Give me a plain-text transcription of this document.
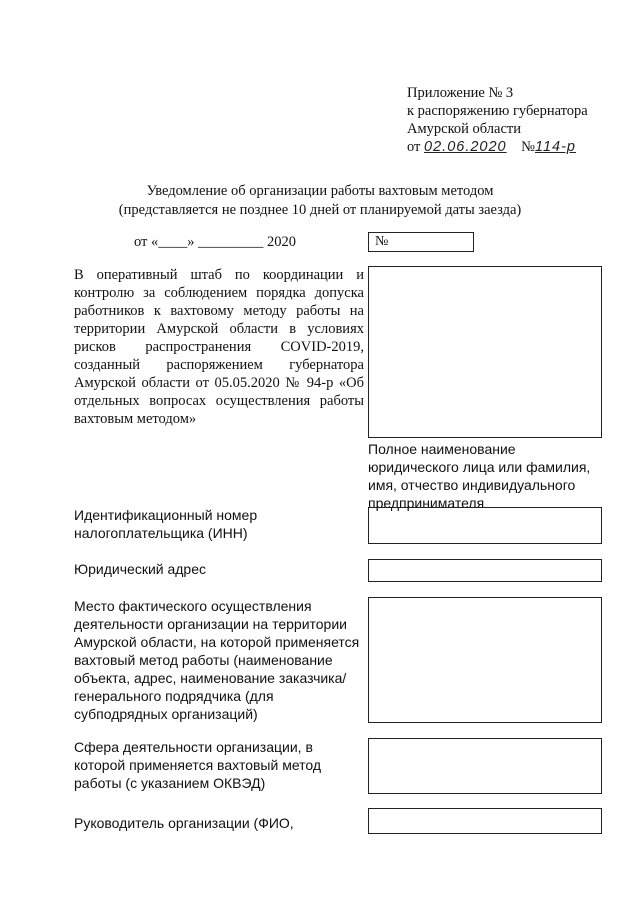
Приложение № 3
к распоряжению губернатора
Амурской области
от 02.06.2020 №114-р
Уведомление об организации работы вахтовым методом
(представляется не позднее 10 дней от планируемой даты заезда)
от «____» _________ 2020	№
В оперативный штаб по координации и контролю за соблюдением порядка допуска работников к вахтовому методу работы на территории Амурской области в условиях рисков распространения COVID-2019, созданный распоряжением губернатора Амурской области от 05.05.2020 № 94-р «Об отдельных вопросах осуществления работы вахтовым методом»
Полное наименование юридического лица или фамилия, имя, отчество индивидуального предпринимателя
Идентификационный номер налогоплательщика (ИНН)
Юридический адрес
Место фактического осуществления деятельности организации на территории Амурской области, на которой применяется вахтовый метод работы (наименование объекта, адрес, наименование заказчика/генерального подрядчика (для субподрядных организаций)
Сфера деятельности организации, в которой применяется вахтовый метод работы (с указанием ОКВЭД)
Руководитель организации (ФИО,
